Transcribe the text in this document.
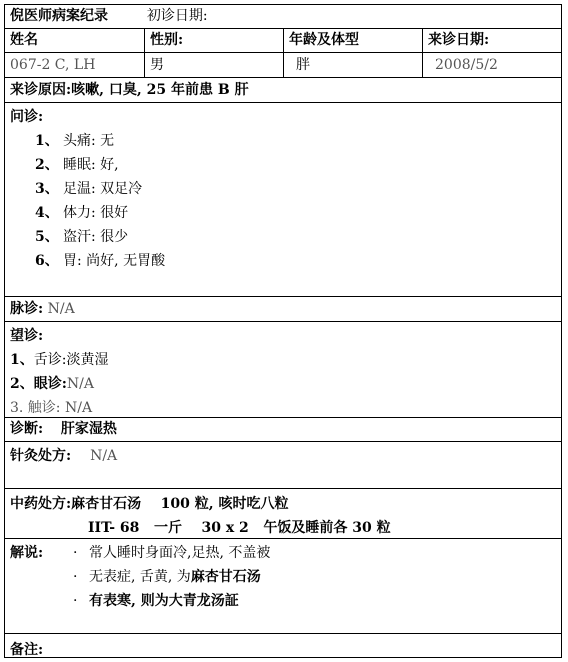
倪医师病案纪录	初诊日期:
姓名	性别:	年龄及体型	来诊日期:
067-2 C, LH	男	胖	2008/5/2
来诊原因:咳嗽, 口臭, 25 年前患 B 肝
问诊:
1、 头痛: 无
2、 睡眠: 好,
3、 足温: 双足冷
4、 体力: 很好
5、 盗汗: 很少
6、 胃: 尚好, 无胃酸
脉诊: N/A
望诊:
1、舌诊:淡黄湿
2、眼诊:N/A
3. 触诊: N/A
诊断: 肝家湿热
针灸处方: N/A
中药处方:麻杏甘石汤    100 粒, 咳时吃八粒
IIT- 68   一斤    30 x 2   午饭及睡前各 30 粒
解说: · 常人睡时身面冷,足热, 不盖被
· 无表症, 舌黄, 为麻杏甘石汤
· 有表寒, 则为大青龙汤証
备注:
